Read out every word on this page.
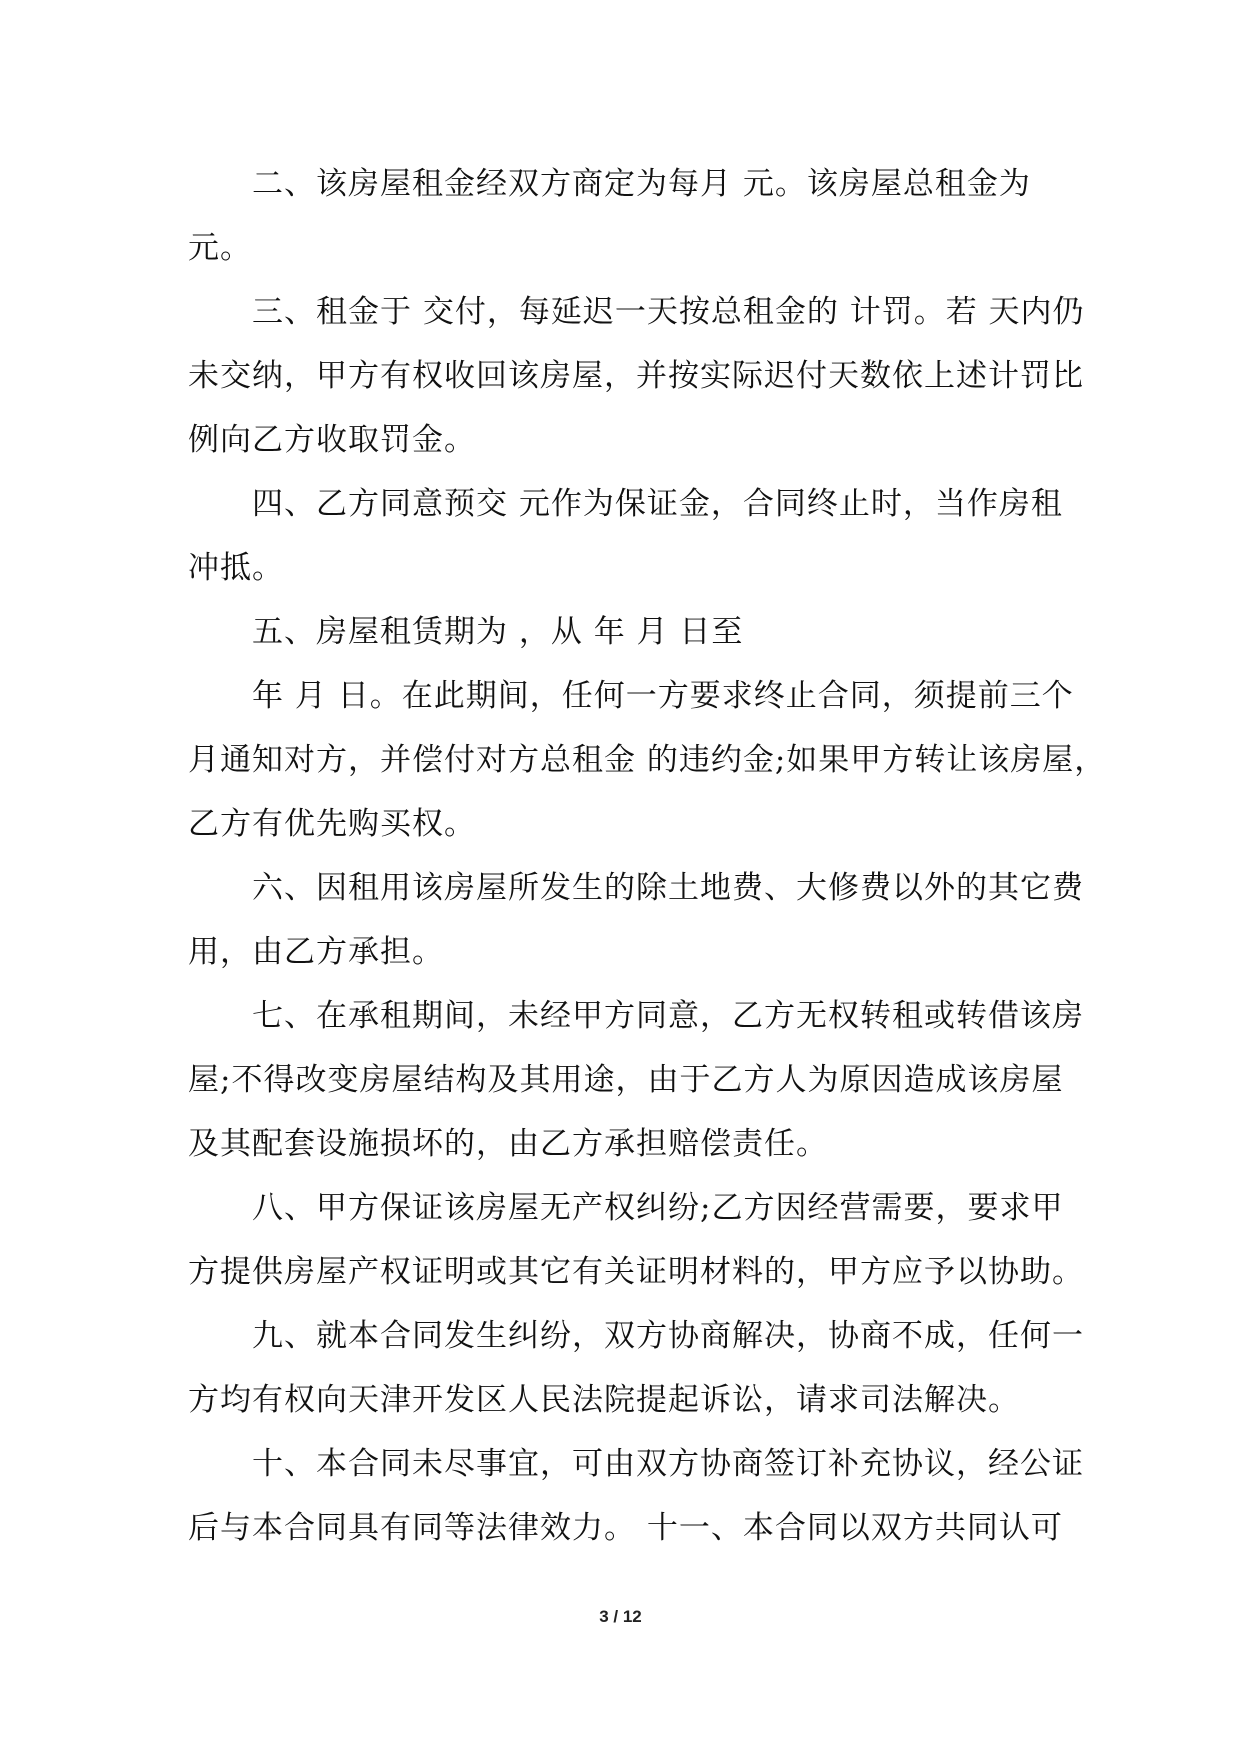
二、该房屋租金经双方商定为每月 元。该房屋总租金为
元。
三、租金于 交付，每延迟一天按总租金的 计罚。若 天内仍
未交纳，甲方有权收回该房屋，并按实际迟付天数依上述计罚比
例向乙方收取罚金。
四、乙方同意预交 元作为保证金，合同终止时，当作房租
冲抵。
五、房屋租赁期为 ，从 年 月 日至
年 月 日。在此期间，任何一方要求终止合同，须提前三个
月通知对方，并偿付对方总租金 的违约金;如果甲方转让该房屋，
乙方有优先购买权。
六、因租用该房屋所发生的除土地费、大修费以外的其它费
用，由乙方承担。
七、在承租期间，未经甲方同意，乙方无权转租或转借该房
屋;不得改变房屋结构及其用途，由于乙方人为原因造成该房屋
及其配套设施损坏的，由乙方承担赔偿责任。
八、甲方保证该房屋无产权纠纷;乙方因经营需要，要求甲
方提供房屋产权证明或其它有关证明材料的，甲方应予以协助。
九、就本合同发生纠纷，双方协商解决，协商不成，任何一
方均有权向天津开发区人民法院提起诉讼，请求司法解决。
十、本合同未尽事宜，可由双方协商签订补充协议，经公证
后与本合同具有同等法律效力。 十一、本合同以双方共同认可
3 / 12
